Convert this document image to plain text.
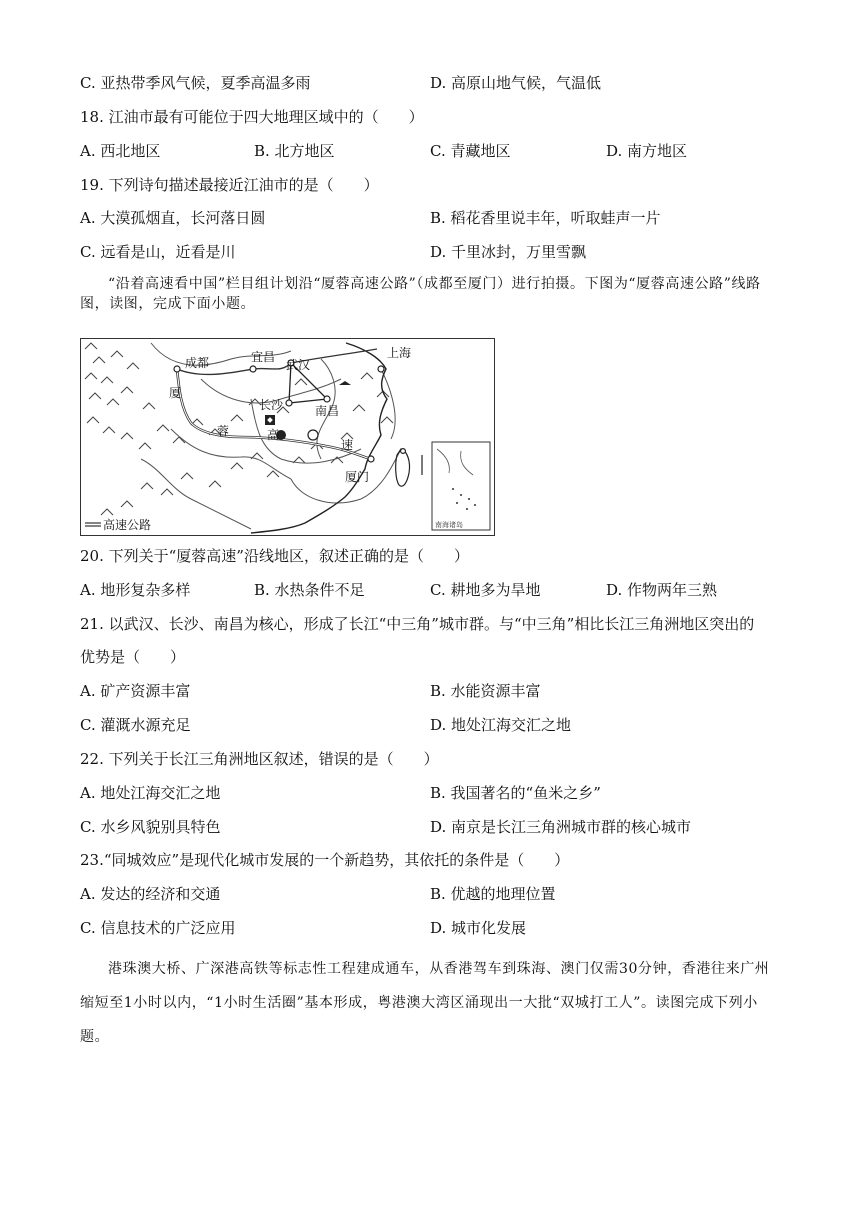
C. 亚热带季风气候，夏季高温多雨	D. 高原山地气候，气温低
18. 江油市最有可能位于四大地理区域中的（　　）
A. 西北地区	B. 北方地区	C. 青藏地区	D. 南方地区
19. 下列诗句描述最接近江油市的是（　　）
A. 大漠孤烟直，长河落日圆	B. 稻花香里说丰年，听取蛙声一片
C. 远看是山，近看是川	D. 千里冰封，万里雪飘
“沿着高速看中国”栏目组计划沿“厦蓉高速公路”（成都至厦门）进行拍摄。下图为“厦蓉高速公路”线路图，读图，完成下面小题。
成都	宜昌
武汉
上海
长沙	南昌
厦门
厦
蓉	高
速
南海诸岛
高速公路
20. 下列关于“厦蓉高速”沿线地区，叙述正确的是（　　）
A. 地形复杂多样	B. 水热条件不足	C. 耕地多为旱地	D. 作物两年三熟
21. 以武汉、长沙、南昌为核心，形成了长江“中三角”城市群。与“中三角”相比长江三角洲地区突出的
优势是（　　）
A. 矿产资源丰富	B. 水能资源丰富
C. 灌溉水源充足	D. 地处江海交汇之地
22. 下列关于长江三角洲地区叙述，错误的是（　　）
A. 地处江海交汇之地	B. 我国著名的“鱼米之乡”
C. 水乡风貌别具特色	D. 南京是长江三角洲城市群的核心城市
23.“同城效应”是现代化城市发展的一个新趋势，其依托的条件是（　　）
A. 发达的经济和交通	B. 优越的地理位置
C. 信息技术的广泛应用	D. 城市化发展
港珠澳大桥、广深港高铁等标志性工程建成通车，从香港驾车到珠海、澳门仅需30分钟，香港往来广州缩短至1小时以内，“1小时生活圈”基本形成，粤港澳大湾区涌现出一大批“双城打工人”。读图完成下列小题。
